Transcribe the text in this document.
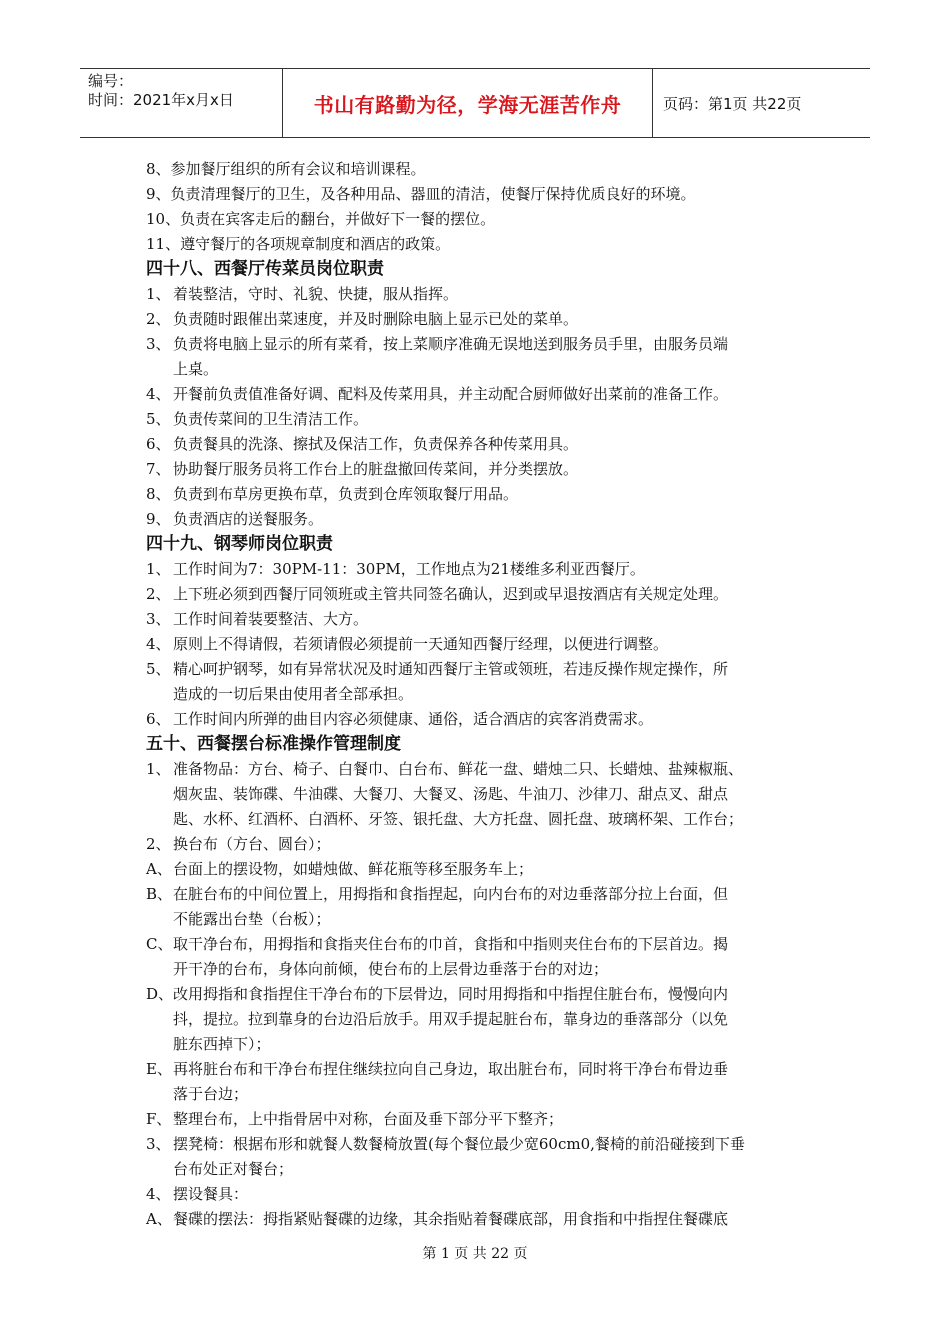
编号：
时间：2021年x月x日	书山有路勤为径，学海无涯苦作舟	页码：第1页 共22页
8、参加餐厅组织的所有会议和培训课程。
9、负责清理餐厅的卫生，及各种用品、器皿的清洁，使餐厅保持优质良好的环境。
10、负责在宾客走后的翻台，并做好下一餐的摆位。
11、遵守餐厅的各项规章制度和酒店的政策。
四十八、西餐厅传菜员岗位职责
1、 着装整洁，守时、礼貌、快捷，服从指挥。
2、 负责随时跟催出菜速度，并及时删除电脑上显示已处的菜单。
3、 负责将电脑上显示的所有菜肴，按上菜顺序准确无误地送到服务员手里，由服务员端
上桌。
4、 开餐前负责值准备好调、配料及传菜用具，并主动配合厨师做好出菜前的准备工作。
5、 负责传菜间的卫生清洁工作。
6、 负责餐具的洗涤、擦拭及保洁工作，负责保养各种传菜用具。
7、 协助餐厅服务员将工作台上的脏盘撤回传菜间，并分类摆放。
8、 负责到布草房更换布草，负责到仓库领取餐厅用品。
9、 负责酒店的送餐服务。
四十九、钢琴师岗位职责
1、 工作时间为7：30PM-11：30PM，工作地点为21楼维多利亚西餐厅。
2、 上下班必须到西餐厅同领班或主管共同签名确认，迟到或早退按酒店有关规定处理。
3、 工作时间着装要整洁、大方。
4、 原则上不得请假，若须请假必须提前一天通知西餐厅经理，以便进行调整。
5、 精心呵护钢琴，如有异常状况及时通知西餐厅主管或领班，若违反操作规定操作，所
造成的一切后果由使用者全部承担。
6、 工作时间内所弹的曲目内容必须健康、通俗，适合酒店的宾客消费需求。
五十、西餐摆台标准操作管理制度
1、 准备物品：方台、椅子、白餐巾、白台布、鲜花一盘、蜡烛二只、长蜡烛、盐辣椒瓶、
烟灰盅、装饰碟、牛油碟、大餐刀、大餐叉、汤匙、牛油刀、沙律刀、甜点叉、甜点
匙、水杯、红酒杯、白酒杯、牙签、银托盘、大方托盘、圆托盘、玻璃杯架、工作台；
2、 换台布（方台、圆台）；
A、 台面上的摆设物，如蜡烛做、鲜花瓶等移至服务车上；
B、 在脏台布的中间位置上，用拇指和食指捏起，向内台布的对边垂落部分拉上台面，但
不能露出台垫（台板）；
C、 取干净台布，用拇指和食指夹住台布的巾首，食指和中指则夹住台布的下层首边。揭
开干净的台布，身体向前倾，使台布的上层骨边垂落于台的对边；
D、 改用拇指和食指捏住干净台布的下层骨边，同时用拇指和中指捏住脏台布，慢慢向内
抖，提拉。拉到靠身的台边沿后放手。用双手提起脏台布，靠身边的垂落部分（以免
脏东西掉下）；
E、 再将脏台布和干净台布捏住继续拉向自己身边，取出脏台布，同时将干净台布骨边垂
落于台边；
F、 整理台布，上中指骨居中对称，台面及垂下部分平下整齐；
3、 摆凳椅：根据布形和就餐人数餐椅放置(每个餐位最少宽60cm0,餐椅的前沿碰接到下垂
台布处正对餐台；
4、 摆设餐具：
A、 餐碟的摆法：拇指紧贴餐碟的边缘，其余指贴着餐碟底部，用食指和中指捏住餐碟底
第 1 页 共 22 页
